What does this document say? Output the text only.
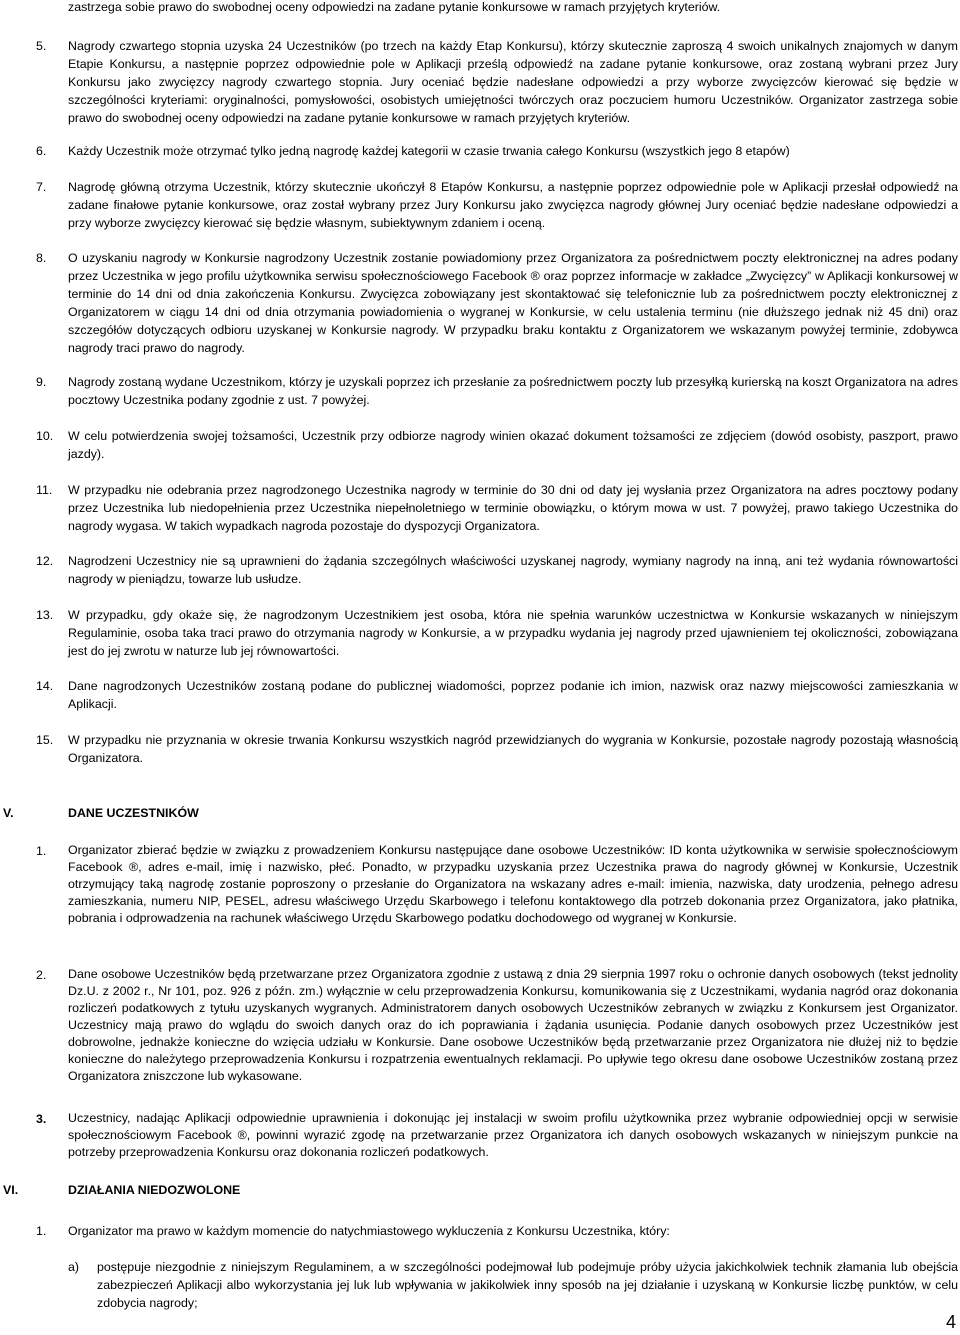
zastrzega sobie prawo do swobodnej oceny odpowiedzi na zadane pytanie konkursowe w ramach przyjętych kryteriów.
5. Nagrody czwartego stopnia uzyska 24 Uczestników (po trzech na każdy Etap Konkursu), którzy skutecznie zaproszą 4 swoich unikalnych znajomych w danym Etapie Konkursu, a następnie poprzez odpowiednie pole w Aplikacji prześlą odpowiedź na zadane pytanie konkursowe, oraz zostaną wybrani przez Jury Konkursu jako zwycięzcy nagrody czwartego stopnia. Jury oceniać będzie nadesłane odpowiedzi a przy wyborze zwycięzców kierować się będzie w szczególności kryteriami: oryginalności, pomysłowości, osobistych umiejętności twórczych oraz poczuciem humoru Uczestników. Organizator zastrzega sobie prawo do swobodnej oceny odpowiedzi na zadane pytanie konkursowe w ramach przyjętych kryteriów.
6. Każdy Uczestnik może otrzymać tylko jedną nagrodę każdej kategorii w czasie trwania całego Konkursu (wszystkich jego 8 etapów)
7. Nagrodę główną otrzyma Uczestnik, którzy skutecznie ukończył 8 Etapów Konkursu, a następnie poprzez odpowiednie pole w Aplikacji przesłał odpowiedź na zadane finałowe pytanie konkursowe, oraz został wybrany przez Jury Konkursu jako zwycięzca nagrody głównej Jury oceniać będzie nadesłane odpowiedzi a przy wyborze zwycięzcy kierować się będzie własnym, subiektywnym zdaniem i oceną.
8. O uzyskaniu nagrody w Konkursie nagrodzony Uczestnik zostanie powiadomiony przez Organizatora za pośrednictwem poczty elektronicznej na adres podany przez Uczestnika w jego profilu użytkownika serwisu społecznościowego Facebook ® oraz poprzez informacje w zakładce „Zwycięzcy” w Aplikacji konkursowej w terminie do 14 dni od dnia zakończenia Konkursu. Zwycięzca zobowiązany jest skontaktować się telefonicznie lub za pośrednictwem poczty elektronicznej z Organizatorem w ciągu 14 dni od dnia otrzymania powiadomienia o wygranej w Konkursie, w celu ustalenia terminu (nie dłuższego jednak niż 45 dni) oraz szczegółów dotyczących odbioru uzyskanej w Konkursie nagrody. W przypadku braku kontaktu z Organizatorem we wskazanym powyżej terminie, zdobywca nagrody traci prawo do nagrody.
9. Nagrody zostaną wydane Uczestnikom, którzy je uzyskali poprzez ich przesłanie za pośrednictwem poczty lub przesyłką kurierską na koszt Organizatora na adres pocztowy Uczestnika podany zgodnie z ust. 7 powyżej.
10. W celu potwierdzenia swojej tożsamości, Uczestnik przy odbiorze nagrody winien okazać dokument tożsamości ze zdjęciem (dowód osobisty, paszport, prawo jazdy).
11. W przypadku nie odebrania przez nagrodzonego Uczestnika nagrody w terminie do 30 dni od daty jej wysłania przez Organizatora na adres pocztowy podany przez Uczestnika lub niedopełnienia przez Uczestnika niepełnoletniego w terminie obowiązku, o którym mowa w ust. 7 powyżej, prawo takiego Uczestnika do nagrody wygasa. W takich wypadkach nagroda pozostaje do dyspozycji Organizatora.
12. Nagrodzeni Uczestnicy nie są uprawnieni do żądania szczególnych właściwości uzyskanej nagrody, wymiany nagrody na inną, ani też wydania równowartości nagrody w pieniądzu, towarze lub usłudze.
13. W przypadku, gdy okaże się, że nagrodzonym Uczestnikiem jest osoba, która nie spełnia warunków uczestnictwa w Konkursie wskazanych w niniejszym Regulaminie, osoba taka traci prawo do otrzymania nagrody w Konkursie, a w przypadku wydania jej nagrody przed ujawnieniem tej okoliczności, zobowiązana jest do jej zwrotu w naturze lub jej równowartości.
14. Dane nagrodzonych Uczestników zostaną podane do publicznej wiadomości, poprzez podanie ich imion, nazwisk oraz nazwy miejscowości zamieszkania w Aplikacji.
15. W przypadku nie przyznania w okresie trwania Konkursu wszystkich nagród przewidzianych do wygrania w Konkursie, pozostałe nagrody pozostają własnością Organizatora.
V.	DANE UCZESTNIKÓW
1. Organizator zbierać będzie w związku z prowadzeniem Konkursu następujące dane osobowe Uczestników: ID konta użytkownika w serwisie społecznościowym Facebook ®, adres e-mail, imię i nazwisko, płeć. Ponadto, w przypadku uzyskania przez Uczestnika prawa do nagrody głównej w Konkursie, Uczestnik otrzymujący taką nagrodę zostanie poproszony o przesłanie do Organizatora na wskazany adres e-mail: imienia, nazwiska, daty urodzenia, pełnego adresu zamieszkania, numeru NIP, PESEL, adresu właściwego Urzędu Skarbowego i telefonu kontaktowego dla potrzeb dokonania przez Organizatora, jako płatnika, pobrania i odprowadzenia na rachunek właściwego Urzędu Skarbowego podatku dochodowego od wygranej w Konkursie.
2. Dane osobowe Uczestników będą przetwarzane przez Organizatora zgodnie z ustawą z dnia 29 sierpnia 1997 roku o ochronie danych osobowych (tekst jednolity Dz.U. z 2002 r., Nr 101, poz. 926 z późn. zm.) wyłącznie w celu przeprowadzenia Konkursu, komunikowania się z Uczestnikami, wydania nagród oraz dokonania rozliczeń podatkowych z tytułu uzyskanych wygranych. Administratorem danych osobowych Uczestników zebranych w związku z Konkursem jest Organizator. Uczestnicy mają prawo do wglądu do swoich danych oraz do ich poprawiania i żądania usunięcia. Podanie danych osobowych przez Uczestników jest dobrowolne, jednakże konieczne do wzięcia udziału w Konkursie. Dane osobowe Uczestników będą przetwarzanie przez Organizatora nie dłużej niż to będzie konieczne do należytego przeprowadzenia Konkursu i rozpatrzenia ewentualnych reklamacji. Po upływie tego okresu dane osobowe Uczestników zostaną przez Organizatora zniszczone lub wykasowane.
3. Uczestnicy, nadając Aplikacji odpowiednie uprawnienia i dokonując jej instalacji w swoim profilu użytkownika przez wybranie odpowiedniej opcji w serwisie społecznościowym Facebook ®, powinni wyrazić zgodę na przetwarzanie przez Organizatora ich danych osobowych wskazanych w niniejszym punkcie na potrzeby przeprowadzenia Konkursu oraz dokonania rozliczeń podatkowych.
VI.	DZIAŁANIA NIEDOZWOLONE
1. Organizator ma prawo w każdym momencie do natychmiastowego wykluczenia z Konkursu Uczestnika, który:
a) postępuje niezgodnie z niniejszym Regulaminem, a w szczególności podejmował lub podejmuje próby użycia jakichkolwiek technik złamania lub obejścia zabezpieczeń Aplikacji albo wykorzystania jej luk lub wpływania w jakikolwiek inny sposób na jej działanie i uzyskaną w Konkursie liczbę punktów, w celu zdobycia nagrody;
4
